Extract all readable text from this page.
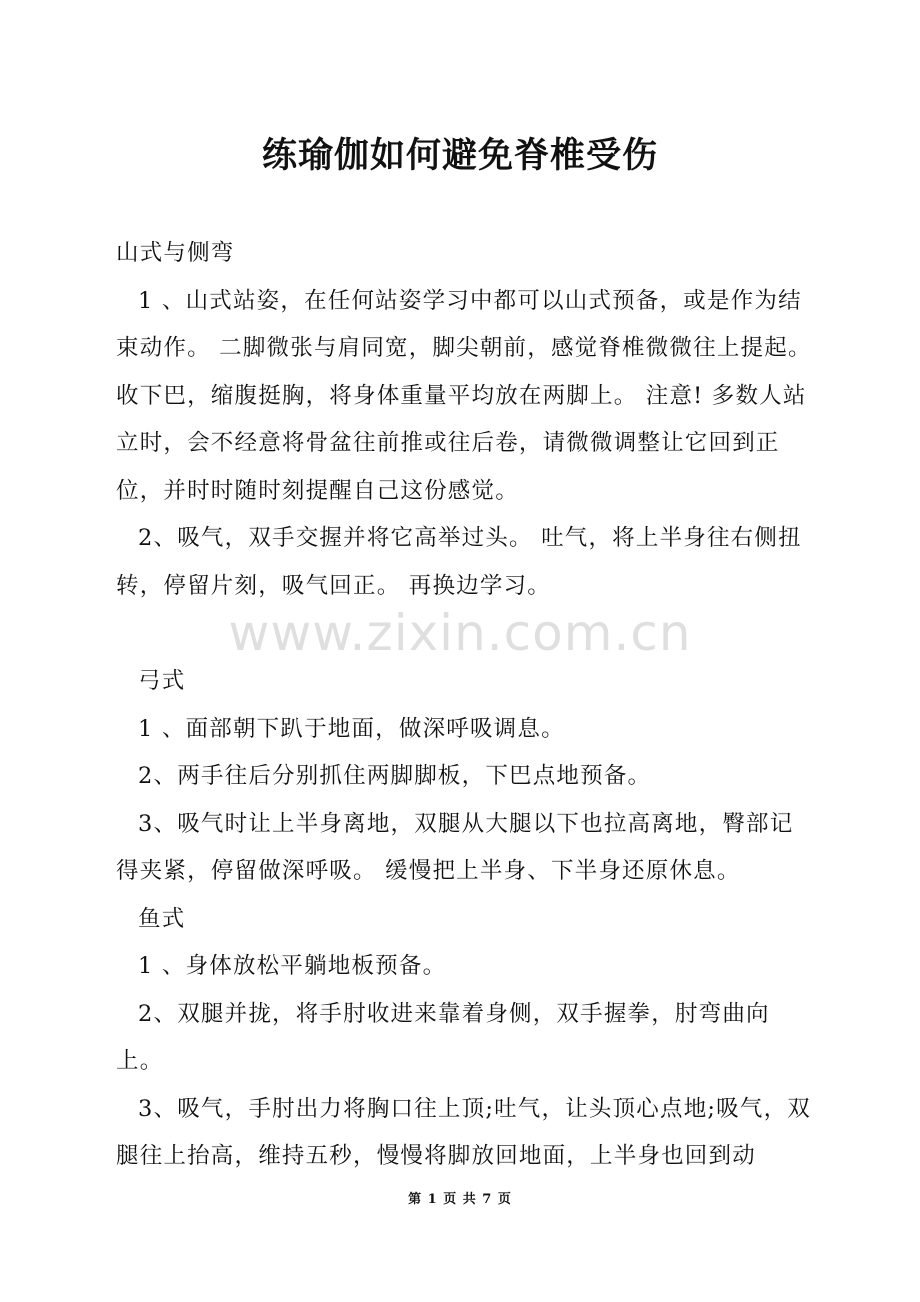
练瑜伽如何避免脊椎受伤

山式与侧弯

1 、山式站姿，在任何站姿学习中都可以山式预备，或是作为结束动作。 二脚微张与肩同宽，脚尖朝前，感觉脊椎微微往上提起。 收下巴，缩腹挺胸，将身体重量平均放在两脚上。 注意! 多数人站立时，会不经意将骨盆往前推或往后卷，请微微调整让它回到正位，并时时随时刻提醒自己这份感觉。

2、吸气，双手交握并将它高举过头。 吐气，将上半身往右侧扭转，停留片刻，吸气回正。 再换边学习。

弓式

1 、面部朝下趴于地面，做深呼吸调息。

2、两手往后分别抓住两脚脚板，下巴点地预备。

3、吸气时让上半身离地，双腿从大腿以下也拉高离地，臀部记得夹紧，停留做深呼吸。 缓慢把上半身、下半身还原休息。

鱼式

1 、身体放松平躺地板预备。

2、双腿并拢，将手肘收进来靠着身侧，双手握拳，肘弯曲向上。

3、吸气，手肘出力将胸口往上顶;吐气，让头顶心点地;吸气，双腿往上抬高，维持五秒，慢慢将脚放回地面，上半身也回到动

www.zixin.com.cn
第 1 页 共 7 页
